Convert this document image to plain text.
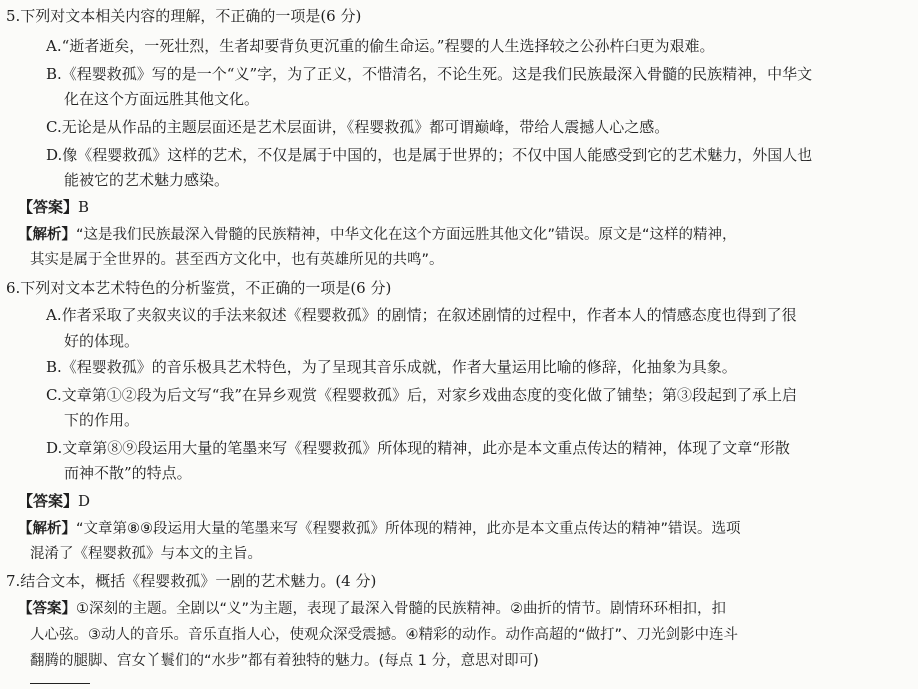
5.下列对文本相关内容的理解，不正确的一项是(6 分)
A.“逝者逝矣，一死壮烈，生者却要背负更沉重的偷生命运。”程婴的人生选择较之公孙杵臼更为艰难。
B.《程婴救孤》写的是一个“义”字，为了正义，不惜清名，不论生死。这是我们民族最深入骨髓的民族精神，中华文
化在这个方面远胜其他文化。
C.无论是从作品的主题层面还是艺术层面讲，《程婴救孤》都可谓巅峰，带给人震撼人心之感。
D.像《程婴救孤》这样的艺术，不仅是属于中国的，也是属于世界的；不仅中国人能感受到它的艺术魅力，外国人也
能被它的艺术魅力感染。
【答案】B
【解析】“这是我们民族最深入骨髓的民族精神，中华文化在这个方面远胜其他文化”错误。原文是“这样的精神，
其实是属于全世界的。甚至西方文化中，也有英雄所见的共鸣”。
6.下列对文本艺术特色的分析鉴赏，不正确的一项是(6 分)
A.作者采取了夹叙夹议的手法来叙述《程婴救孤》的剧情；在叙述剧情的过程中，作者本人的情感态度也得到了很
好的体现。
B.《程婴救孤》的音乐极具艺术特色，为了呈现其音乐成就，作者大量运用比喻的修辞，化抽象为具象。
C.文章第①②段为后文写“我”在异乡观赏《程婴救孤》后，对家乡戏曲态度的变化做了铺垫；第③段起到了承上启
下的作用。
D.文章第⑧⑨段运用大量的笔墨来写《程婴救孤》所体现的精神，此亦是本文重点传达的精神，体现了文章“形散
而神不散”的特点。
【答案】D
【解析】“文章第⑧⑨段运用大量的笔墨来写《程婴救孤》所体现的精神，此亦是本文重点传达的精神”错误。选项
混淆了《程婴救孤》与本文的主旨。
7.结合文本，概括《程婴救孤》一剧的艺术魅力。(4 分)
【答案】①深刻的主题。全剧以“义”为主题，表现了最深入骨髓的民族精神。②曲折的情节。剧情环环相扣，扣
人心弦。③动人的音乐。音乐直指人心，使观众深受震撼。④精彩的动作。动作高超的“做打”、刀光剑影中连斗
翻腾的腿脚、宫女丫鬟们的“水步”都有着独特的魅力。(每点 1 分，意思对即可)
